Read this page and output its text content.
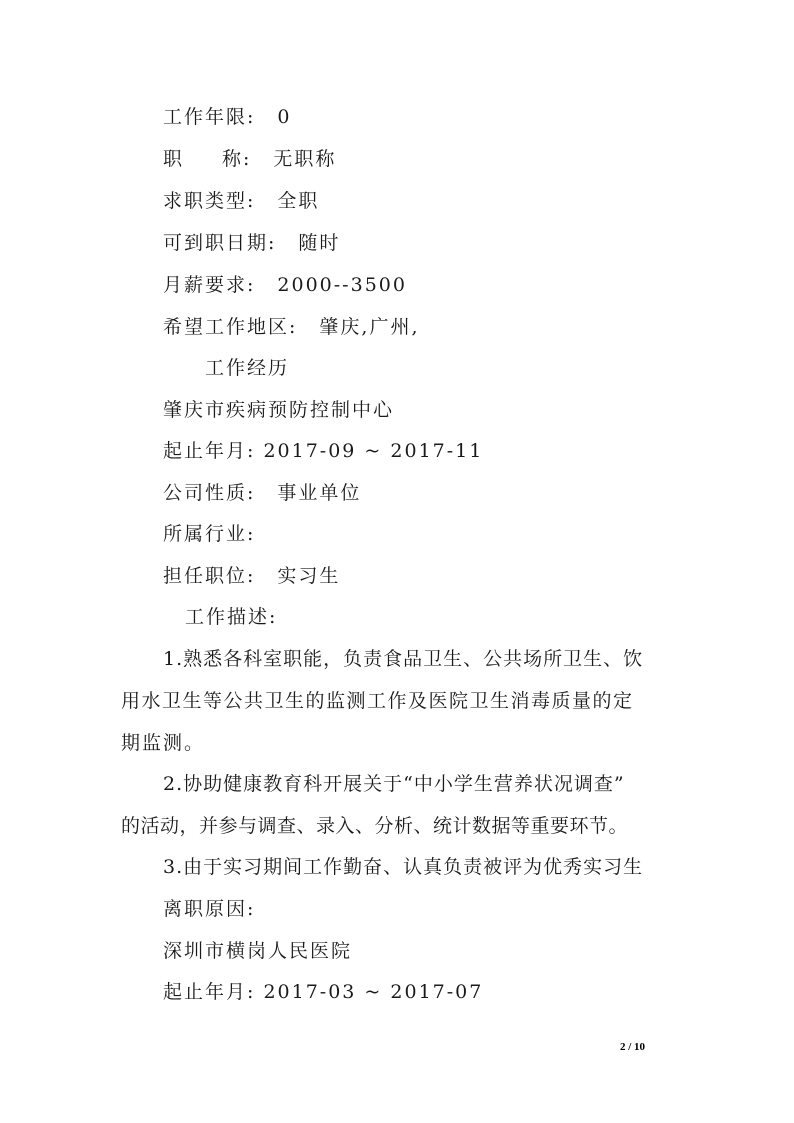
工作年限: 0
职 称: 无职称
求职类型: 全职
可到职日期: 随时
月薪要求: 2000--3500
希望工作地区: 肇庆,广州,
工作经历
肇庆市疾病预防控制中心
起止年月: 2017-09 ~ 2017-11
公司性质: 事业单位
所属行业:
担任职位: 实习生
工作描述:
1.熟悉各科室职能，负责食品卫生、公共场所卫生、饮
用水卫生等公共卫生的监测工作及医院卫生消毒质量的定
期监测。
2.协助健康教育科开展关于“中小学生营养状况调查”
的活动，并参与调查、录入、分析、统计数据等重要环节。
3.由于实习期间工作勤奋、认真负责被评为优秀实习生
离职原因:
深圳市横岗人民医院
起止年月: 2017-03 ~ 2017-07
2 / 10
